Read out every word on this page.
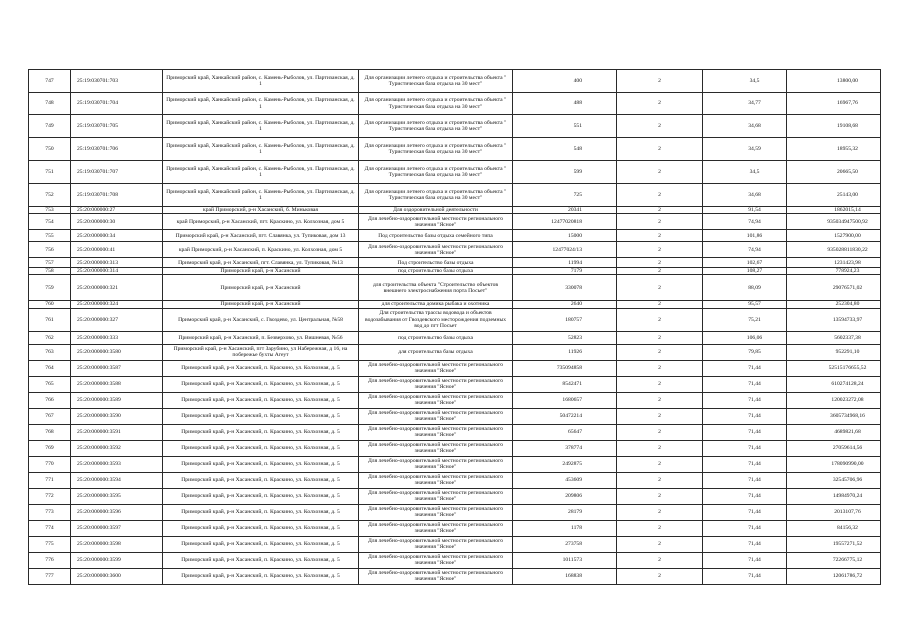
747	25:19:030701:703	Приморский край, Ханкайский район, с. Камень-Рыболов, ул. Партизанская, д. 1	Для организации летнего отдыха и строительства объекта " Туристическая база отдыха на 30 мест"	400	2	34,5	13800,00
748	25:19:030701:704	Приморский край, Ханкайский район, с. Камень-Рыболов, ул. Партизанская, д. 1	Для организации летнего отдыха и строительства объекта " Туристическая база отдыха на 30 мест"	488	2	34,77	16967,76
749	25:19:030701:705	Приморский край, Ханкайский район, с. Камень-Рыболов, ул. Партизанская, д. 1	Для организации летнего отдыха и строительства объекта " Туристическая база отдыха на 30 мест"	551	2	34,68	19108,68
750	25:19:030701:706	Приморский край, Ханкайский район, с. Камень-Рыболов, ул. Партизанская, д. 1	Для организации летнего отдыха и строительства объекта " Туристическая база отдыха на 30 мест"	548	2	34,59	18955,32
751	25:19:030701:707	Приморский край, Ханкайский район, с. Камень-Рыболов, ул. Партизанская, д. 1	Для организации летнего отдыха и строительства объекта " Туристическая база отдыха на 30 мест"	599	2	34,5	20665,50
752	25:19:030701:708	Приморский край, Ханкайский район, с. Камень-Рыболов, ул. Партизанская, д. 1	Для организации летнего отдыха и строительства объекта " Туристическая база отдыха на 30 мест"	725	2	34,68	25143,00
753	25:20:000000:27	край Приморский, р-н Хасанский, б. Миньковая	Для оздоровительной деятельности	20341	2	91,54	1862015,14
754	25:20:000000:30	край Приморский, р-н Хасанский, пгт. Краскино, ул. Колхозная, дом 5	Для лечебно-оздоровительной местности регионального значения "Ясное"	12477020818	2	74,94	935034947500,92
755	25:20:000000:34	Приморский край, р-н Хасанский, пгт. Славянка, ул. Тупиковая, дом 13	Под строительство базы отдыха семейного типа	15000	2	101,86	1527900,00
756	25:20:000000:41	край Приморский, р-н Хасанский, п. Краскино, ул. Колхозная, дом 5	Для лечебно-оздоровительной местности регионального значения "Ясное"	12477024/13	2	74,94	935028811830,22
757	25:20:000000:313	Приморский край, р-н Хасанский, пгт. Славянка, ул. Тупиковая, №13	Под строительство базы отдыха	11994	2	102,67	1231423,98
758	25:20:000000:314	Приморский край, р-н Хасанский	под строительство базы отдыха	7179	2	108,27	778924,23
759	25:20:000000:321	Приморский край, р-н Хасанский	для строительства объекта "Строительство объектов внешнего электроснабжения порта Посьет"	330078	2	88,09	29076571,02
760	25:20:000000:324	Приморский край, р-н Хасанский	для строительства домика рыбака и охотника	2640	2	95,57	252304,80
761	25:20:000000:327	Приморский край, р-н Хасанский, с. Гвоздево, ул. Центральная, №58	Для строительства трассы водовода и объектов водозабывания от Гвоздевского месторождения подземных вод до пгт Посьет	180757	2	75,21	13594733,97
762	25:20:000000:333	Приморский край, р-н Хасанский, п. Безверхово, ул. Вишневая, №56	под строительство базы отдыха	52823	2	106,06	5602337,38
763	25:20:000000:3580	Приморский край, р-н Хасанский, пгт Зарубино, ул Набережная, д 16, на побережье бухты Агеут	для строительства базы отдыха	11926	2	79,85	952291,10
764	25:20:000000:3587	Приморский край, р-н Хасанский, п. Краскино, ул. Колхозная, д. 5	Для лечебно-оздоровительной местности регионального значения "Ясное"	735094858	2	71,44	52515176655,52
765	25:20:000000:3588	Приморский край, р-н Хасанский, п. Краскино, ул. Колхозная, д. 5	Для лечебно-оздоровительной местности регионального значения "Ясное"	8542471	2	71,44	610274128,24
766	25:20:000000:3589	Приморский край, р-н Хасанский, п. Краскино, ул. Колхозная, д. 5	Для лечебно-оздоровительной местности регионального значения "Ясное"	1680657	2	71,44	120023272,08
767	25:20:000000:3590	Приморский край, р-н Хасанский, п. Краскино, ул. Колхозная, д. 5	Для лечебно-оздоровительной местности регионального значения "Ясное"	50472214	2	71,44	3605734968,16
768	25:20:000000:3591	Приморский край, р-н Хасанский, п. Краскино, ул. Колхозная, д. 5	Для лечебно-оздоровительной местности регионального значения "Ясное"	65647	2	71,44	4689821,68
769	25:20:000000:3592	Приморский край, р-н Хасанский, п. Краскино, ул. Колхозная, д. 5	Для лечебно-оздоровительной местности регионального значения "Ясное"	378774	2	71,44	27059614,56
770	25:20:000000:3593	Приморский край, р-н Хасанский, п. Краскино, ул. Колхозная, д. 5	Для лечебно-оздоровительной местности регионального значения "Ясное"	2492875	2	71,44	178090990,00
771	25:20:000000:3594	Приморский край, р-н Хасанский, п. Краскино, ул. Колхозная, д. 5	Для лечебно-оздоровительной местности регионального значения "Ясное"	453609	2	71,44	32545706,96
772	25:20:000000:3595	Приморский край, р-н Хасанский, п. Краскино, ул. Колхозная, д. 5	Для лечебно-оздоровительной местности регионального значения "Ясное"	209806	2	71,44	14984970,24
773	25:20:000000:3596	Приморский край, р-н Хасанский, п. Краскино, ул. Колхозная, д. 5	Для лечебно-оздоровительной местности регионального значения "Ясное"	28179	2	71,44	2013107,76
774	25:20:000000:3597	Приморский край, р-н Хасанский, п. Краскино, ул. Колхозная, д. 5	Для лечебно-оздоровительной местности регионального значения "Ясное"	1178	2	71,44	84156,32
775	25:20:000000:3598	Приморский край, р-н Хасанский, п. Краскино, ул. Колхозная, д. 5	Для лечебно-оздоровительной местности регионального значения "Ясное"	273758	2	71,44	19557271,52
776	25:20:000000:3599	Приморский край, р-н Хасанский, п. Краскино, ул. Колхозная, д. 5	Для лечебно-оздоровительной местности регионального значения "Ясное"	1011573	2	71,44	72266775,12
777	25:20:000000:3600	Приморский край, р-н Хасанский, п. Краскино, ул. Колхозная, д. 5	Для лечебно-оздоровительной местности регионального значения "Ясное"	168838	2	71,44	12061786,72
